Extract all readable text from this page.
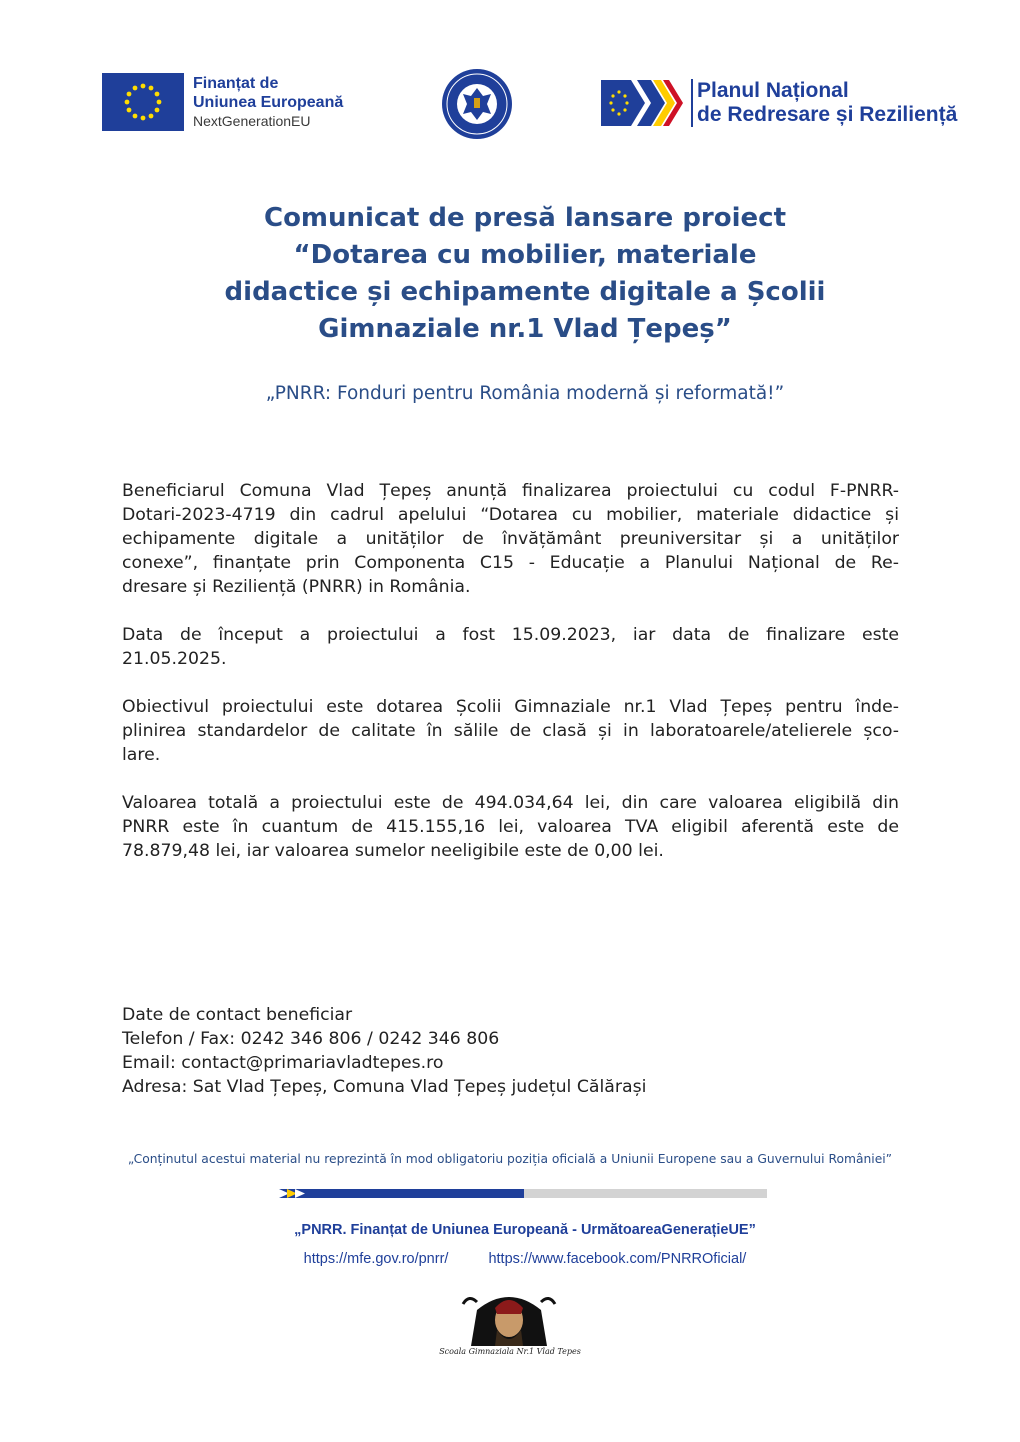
Finanțat de
Uniunea Europeană
NextGenerationEU
Planul Național
de Redresare și Reziliență
Comunicat de presă lansare proiect
“Dotarea cu mobilier, materiale
didactice și echipamente digitale a Școlii
Gimnaziale nr.1 Vlad Țepeș”
„PNRR: Fonduri pentru România modernă și reformată!”

Beneficiarul Comuna Vlad Țepeș anunță finalizarea proiectului cu codul F-PNRR-
Dotari-2023-4719 din cadrul apelului “Dotarea cu mobilier, materiale didactice și
echipamente digitale a unităților de învățământ preuniversitar și a unităților
conexe”, finanțate prin Componenta C15 - Educație a Planului Național de Re-
dresare și Reziliență (PNRR) in România.

Data de început a proiectului a fost 15.09.2023, iar data de finalizare este
21.05.2025.

Obiectivul proiectului este dotarea Școlii Gimnaziale nr.1 Vlad Țepeș pentru înde-
plinirea standardelor de calitate în sălile de clasă și in laboratoarele/atelierele șco-
lare.

Valoarea totală a proiectului este de 494.034,64 lei, din care valoarea eligibilă din
PNRR este în cuantum de 415.155,16 lei, valoarea TVA eligibil aferentă este de
78.879,48 lei, iar valoarea sumelor neeligibile este de 0,00 lei.

Date de contact beneficiar
Telefon / Fax: 0242 346 806 / 0242 346 806
Email: contact@primariavladtepes.ro
Adresa: Sat Vlad Țepeș, Comuna Vlad Țepeș județul Călărași
„Conținutul acestui material nu reprezintă în mod obligatoriu poziția oficială a Uniunii Europene sau a Guvernului României”
„PNRR. Finanțat de Uniunea Europeană - UrmătoareaGenerațieUE”
https://mfe.gov.ro/pnrr/	https://www.facebook.com/PNRROficial/
Scoala Gimnaziala Nr.1 Vlad Tepes
